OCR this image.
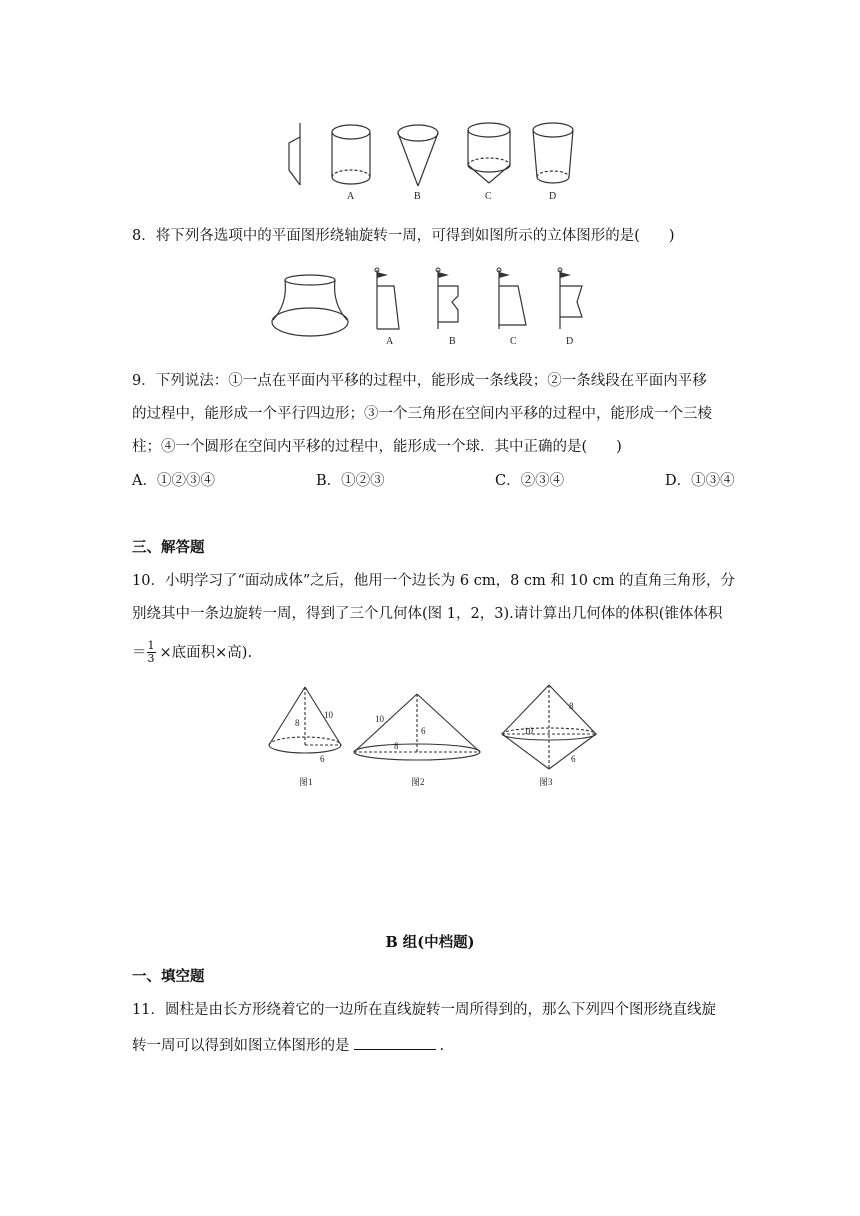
A	B	C	D
8．将下列各选项中的平面图形绕轴旋转一周，可得到如图所示的立体图形的是(　　)
A	B	C	D
9．下列说法：①一点在平面内平移的过程中，能形成一条线段；②一条线段在平面内平移
的过程中，能形成一个平行四边形；③一个三角形在空间内平移的过程中，能形成一个三棱
柱；④一个圆形在空间内平移的过程中，能形成一个球．其中正确的是(　　)
A．①②③④	B．①②③	C．②③④	D．①③④
三、解答题
10．小明学习了“面动成体”之后，他用一个边长为 6 cm，8 cm 和 10 cm 的直角三角形，分
别绕其中一条边旋转一周，得到了三个几何体(图 1，2，3).请计算出几何体的体积(锥体体积
＝ $\frac{1}{3}$ ×底面积×高).
10
8
6
图1
10
6
8
图2
8
10
6
图3
B 组(中档题)
一、填空题
11．圆柱是由长方形绕着它的一边所在直线旋转一周所得到的，那么下列四个图形绕直线旋
转一周可以得到如图立体图形的是	.
